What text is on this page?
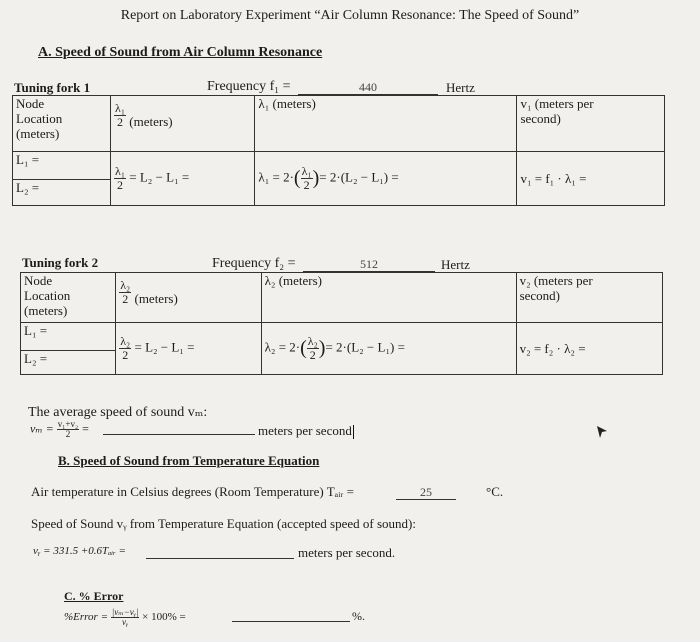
Report on Laboratory Experiment “Air Column Resonance: The Speed of Sound”
A. Speed of Sound from Air Column Resonance
Tuning fork 1	Frequency f₁ =	440	Hertz
Node Location (meters)	$\frac{\text{λ₁}}{2}$ (meters)	λ₁ (meters)	v₁ (meters per second)

L₁ =	$\frac{\text{λ₁}}{2} = L_2 - L_1$ =	$\lambda_1 = 2\cdot( \frac{\text{λ₁}}{2}$ )= 2·(L₂ − L₁) =	v₁ = f₁ · λ₁ =
L₂ =			
Tuning fork 2	Frequency f₂ =	512	Hertz
Node Location (meters)	$\frac{\text{λ₂}}{2}$ (meters)	λ₂ (meters)	v₂ (meters per second)

L₁ =	$\frac{\text{λ₂}}{2} = L_2 - L_1$ =	$\lambda_2 = 2\cdot( \frac{\text{λ₂}}{2}$ )= 2·(L₂ − L₁) =	v₂ = f₂ · λ₂ =
L₂ =			
The average speed of sound vₘ:
$v_m = \frac{\text{v₁+v₂}}{2}$ =	meters per second
B. Speed of Sound from Temperature Equation
Air temperature in Celsius degrees (Room Temperature) Tₐᵢᵣ =	25	°C.
Speed of Sound vᵧ from Temperature Equation (accepted speed of sound):
vᵧ = 331.5 +0.6Tₐᵢᵣ =	meters per second.
C. % Error
%Error = $\frac{\text{|vₘ−vᵧ|}}{\text{vᵧ}} \times 100\%$ =	%.
